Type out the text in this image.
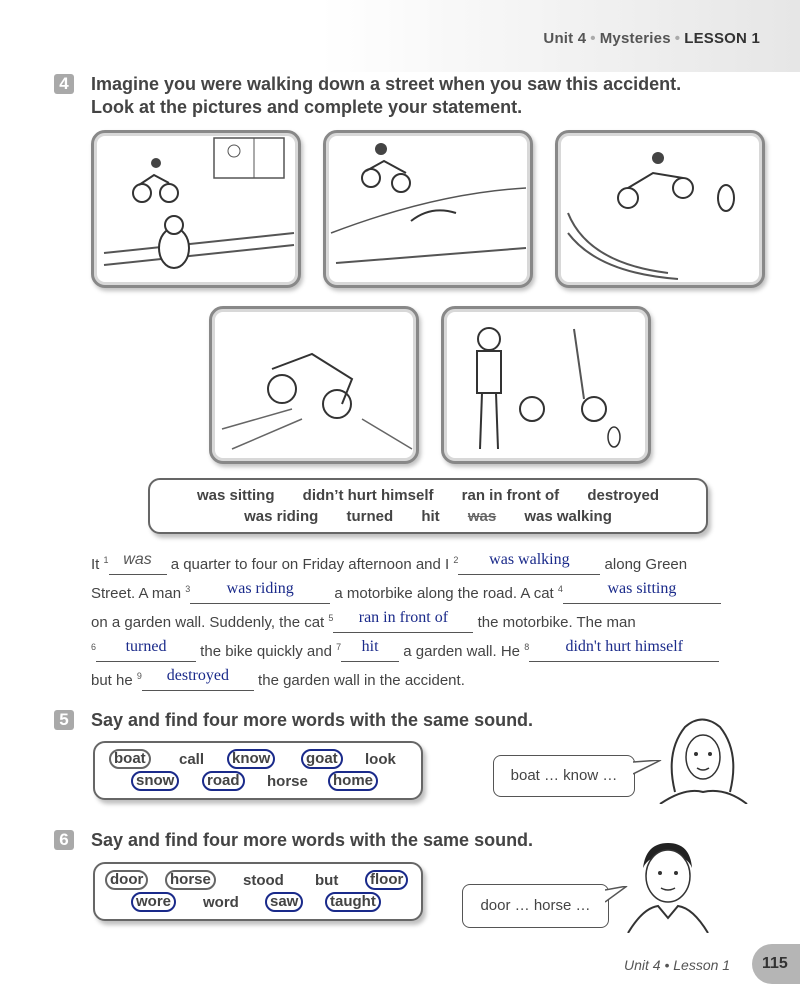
Unit 4 • Mysteries • LESSON 1
4 Imagine you were walking down a street when you saw this accident.
Look at the pictures and complete your statement.
was sitting didn’t hurt himself ran in front of destroyed
was riding turned hit was was walking
It $^1$ was a quarter to four on Friday afternoon and I $^2$ was walking along Green
Street. A man $^3$ was riding a motorbike along the road. A cat $^4$	was sitting
on a garden wall. Suddenly, the cat $^5$ ran in front of the motorbike. The man
$^6$ turned the bike quickly and $^7$ hit a garden wall. He $^8$ didn't hurt himself
but he $^9$ destroyed the garden wall in the accident.
5 Say and find four more words with the same sound.
boat	call	know	goat	look
snow	road	horse	home	boat … know …
6 Say and find four more words with the same sound.
door	horse	stood but	floor
wore	word	saw	taught	door … horse …
Unit 4 • Lesson 1	115
